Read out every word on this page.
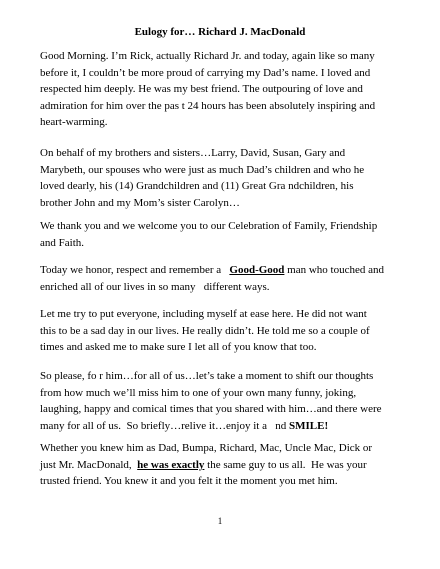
Eulogy for… Richard J. MacDonald
Good Morning. I’m Rick, actually Richard Jr. and today, again like so many
before it, I couldn’t be more proud of carrying my Dad’s name. I loved and
respected him deeply. He was my best friend. The outpouring of love and
admiration for him over the pas t 24 hours has been absolutely inspiring and
heart-warming.
On behalf of my brothers and sisters…Larry, David, Susan, Gary and
Marybeth, our spouses who were just as much Dad’s children and who he
loved dearly, his (14) Grandchildren and (11) Great Gra ndchildren, his
brother John and my Mom’s sister Carolyn…
We thank you and we welcome you to our Celebration of Family, Friendship
and Faith.
Today we honor, respect and remember a   Good-Good man who touched and
enriched all of our lives in so many   different ways.
Let me try to put everyone, including myself at ease here. He did not want
this to be a sad day in our lives. He really didn’t. He told me so a couple of
times and asked me to make sure I let all of you know that too.
So please, fo r him…for all of us…let’s take a moment to shift our thoughts
from how much we’ll miss him to one of your own many funny, joking,
laughing, happy and comical times that you shared with him…and there were
many for all of us.  So briefly…relive it…enjoy it a   nd SMILE!
Whether you knew him as Dad, Bumpa, Richard, Mac, Uncle Mac, Dick or
just Mr. MacDonald,  he was exactly the same guy to us all.  He was your
trusted friend. You knew it and you felt it the moment you met him.
1
